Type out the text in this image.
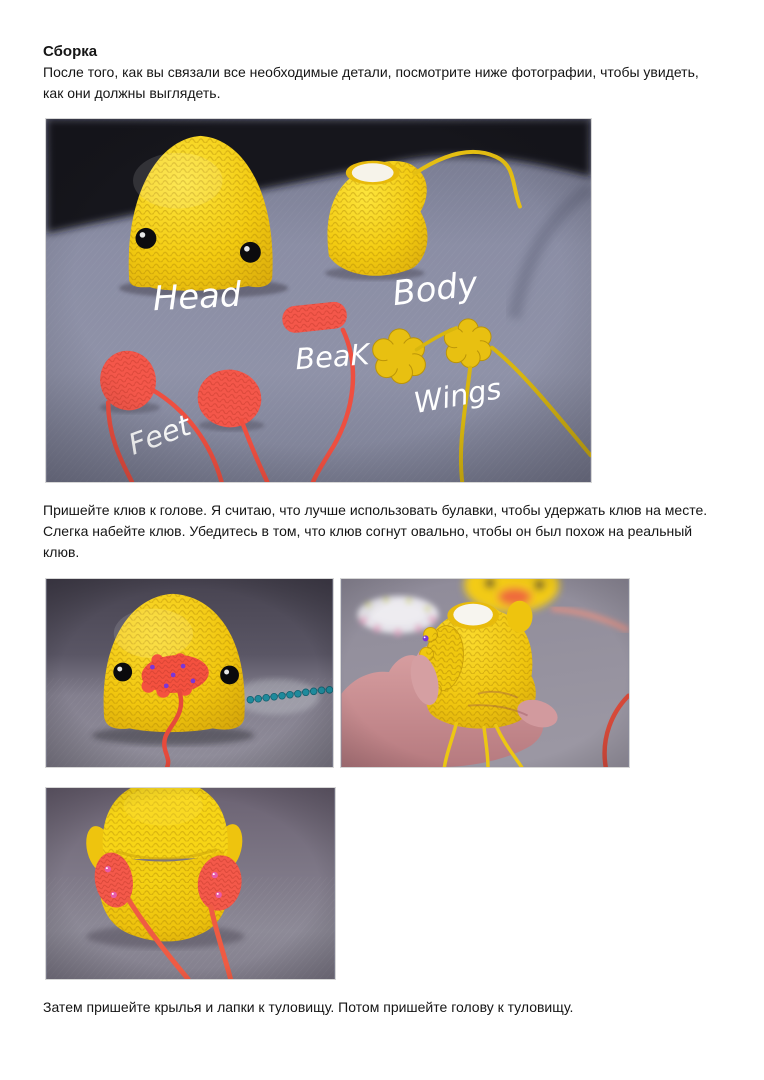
Сборка
После того, как вы связали все необходимые детали, посмотрите ниже фотографии, чтобы увидеть,
как они должны выглядеть.
Пришейте клюв к голове. Я считаю, что лучше использовать булавки, чтобы удержать клюв на месте.
Слегка набейте клюв. Убедитесь в том, что клюв согнут овально, чтобы он был похож на реальный
клюв.
Затем пришейте крылья и лапки к туловищу. Потом пришейте голову к туловищу.
